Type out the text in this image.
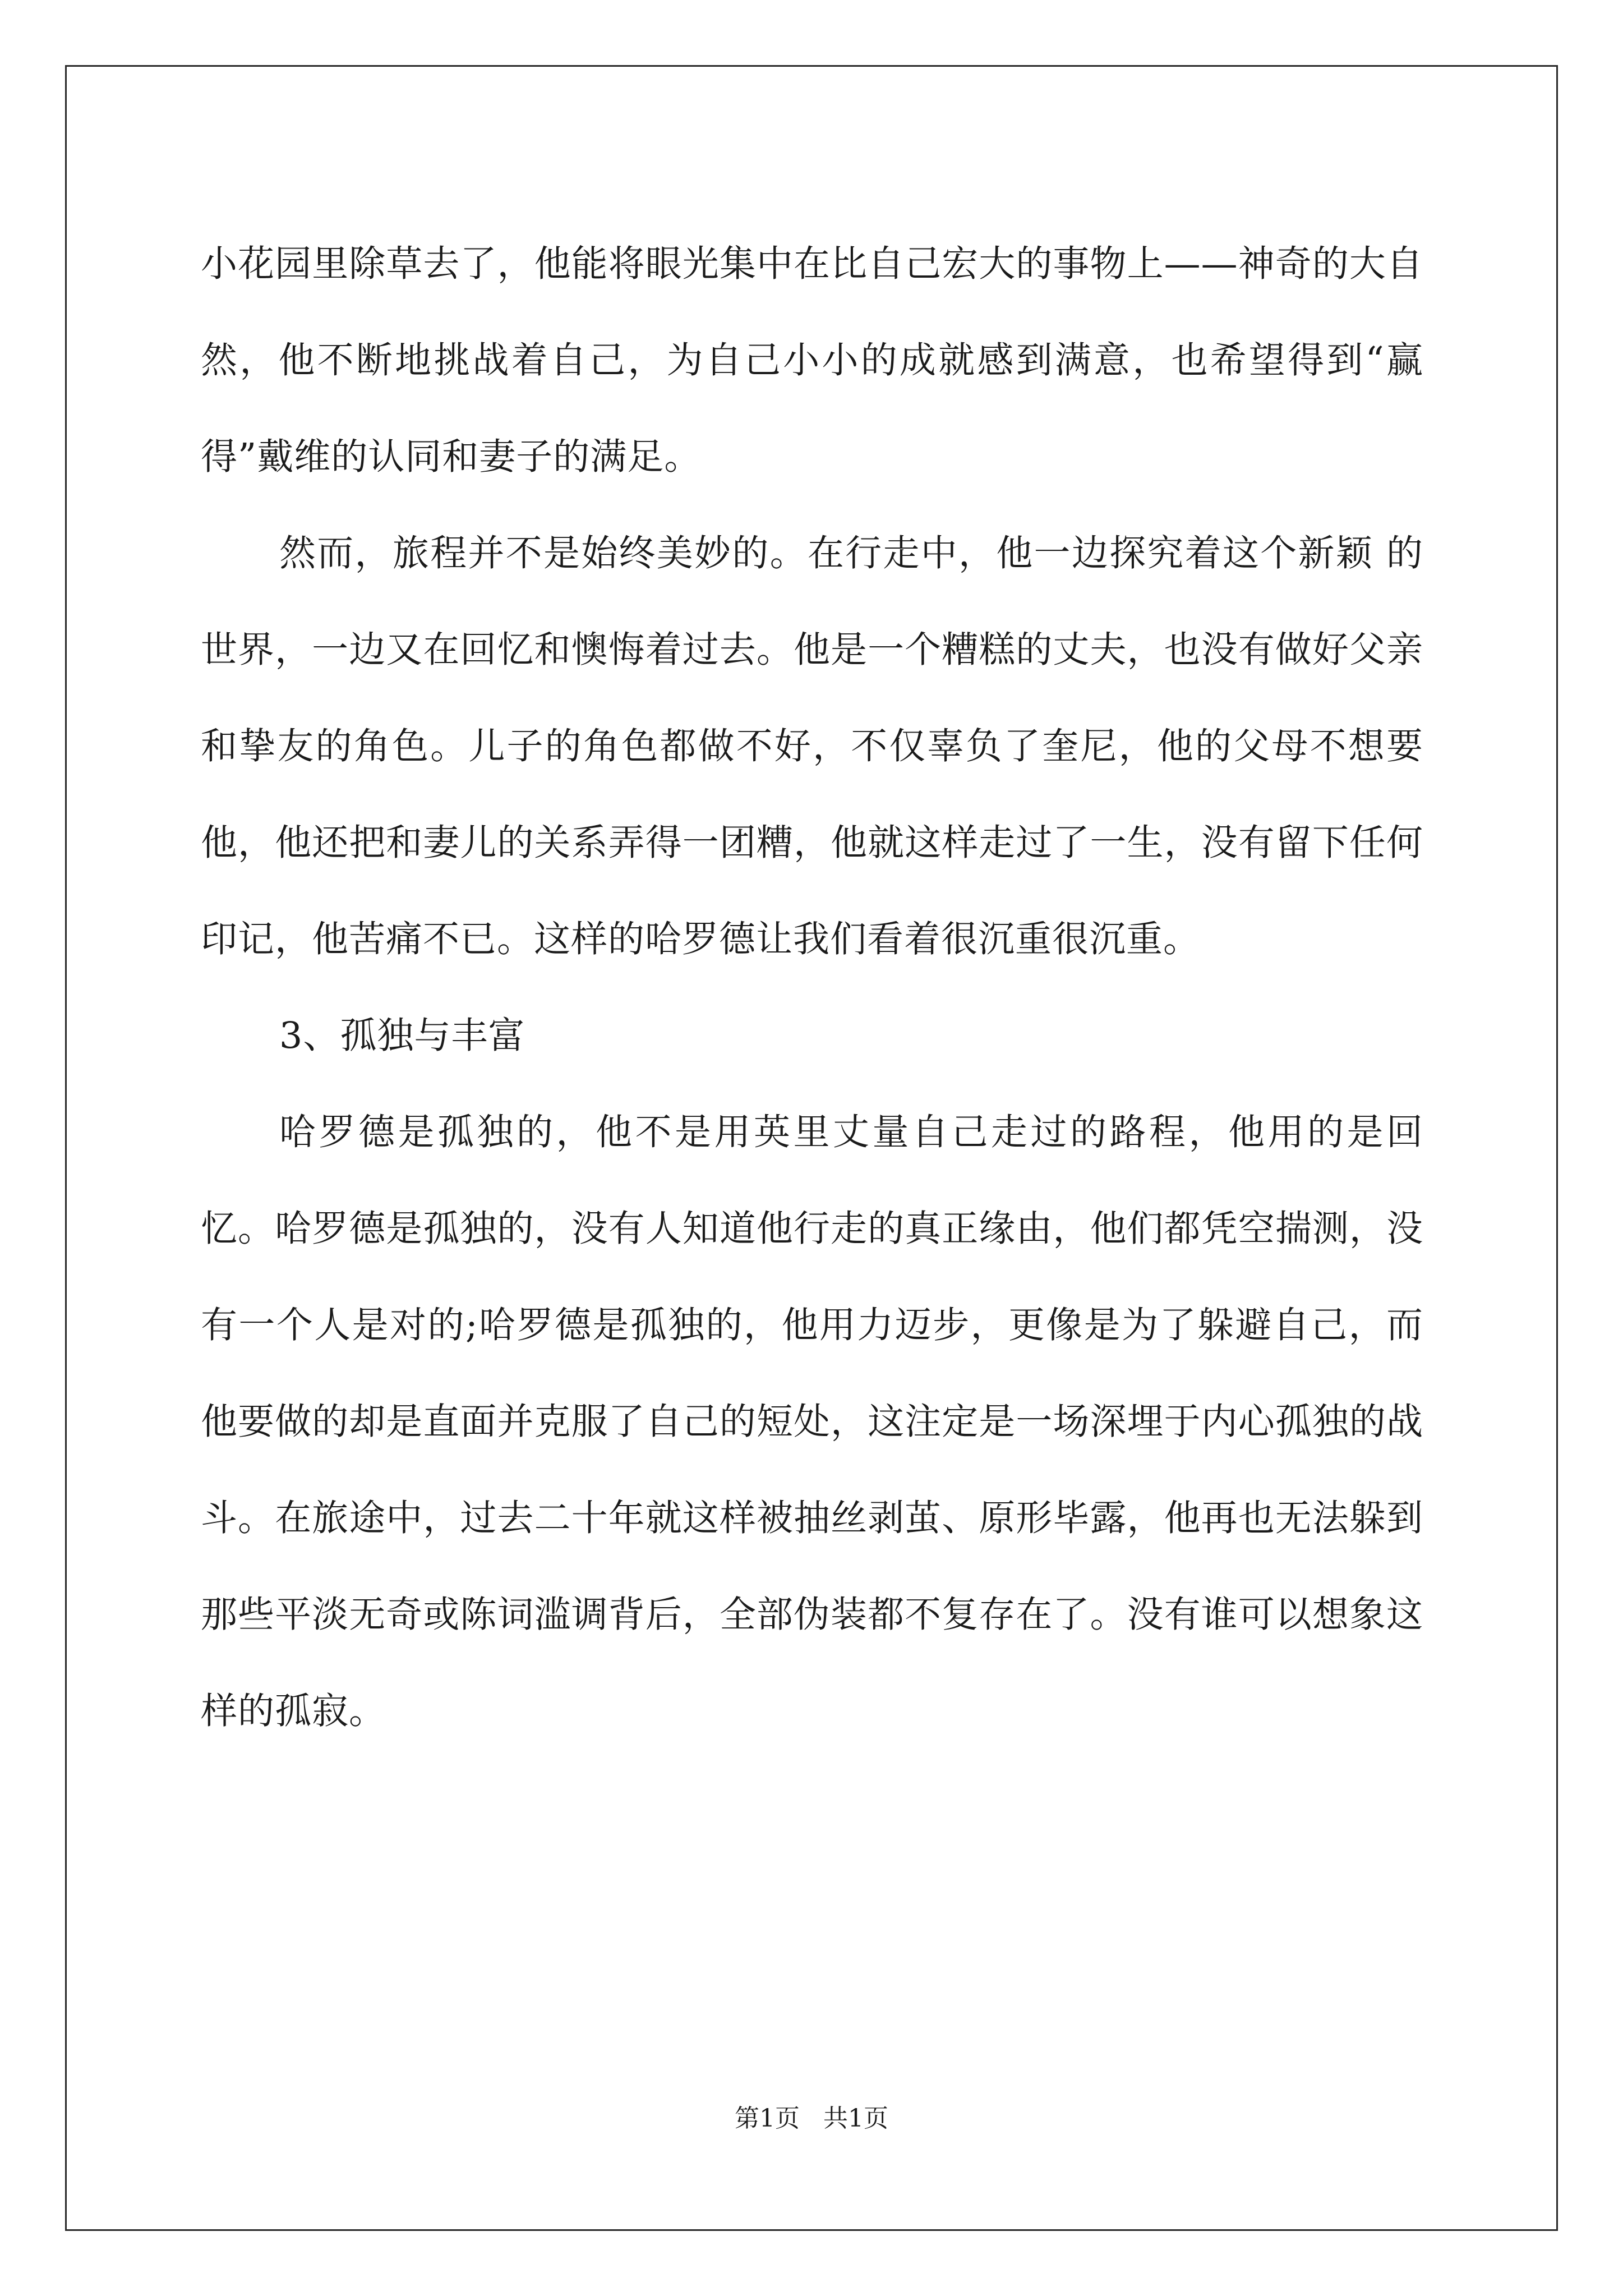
小花园里除草去了，他能将眼光集中在比自己宏大的事物上——神奇的大自然，他不断地挑战着自己，为自己小小的成就感到满意，也希望得到“赢得”戴维的认同和妻子的满足。

然而，旅程并不是始终美妙的。在行走中，他一边探究着这个新颖 的世界，一边又在回忆和懊悔着过去。他是一个糟糕的丈夫，也没有做好父亲和挚友的角色。儿子的角色都做不好，不仅辜负了奎尼，他的父母不想要他，他还把和妻儿的关系弄得一团糟，他就这样走过了一生，没有留下任何印记，他苦痛不已。这样的哈罗德让我们看着很沉重很沉重。

3、孤独与丰富

哈罗德是孤独的，他不是用英里丈量自己走过的路程，他用的是回忆。哈罗德是孤独的，没有人知道他行走的真正缘由，他们都凭空揣测，没有一个人是对的;哈罗德是孤独的，他用力迈步，更像是为了躲避自己，而他要做的却是直面并克服了自己的短处，这注定是一场深埋于内心孤独的战斗。在旅途中，过去二十年就这样被抽丝剥茧、原形毕露，他再也无法躲到那些平淡无奇或陈词滥调背后，全部伪装都不复存在了。没有谁可以想象这样的孤寂。

第1页 共1页
